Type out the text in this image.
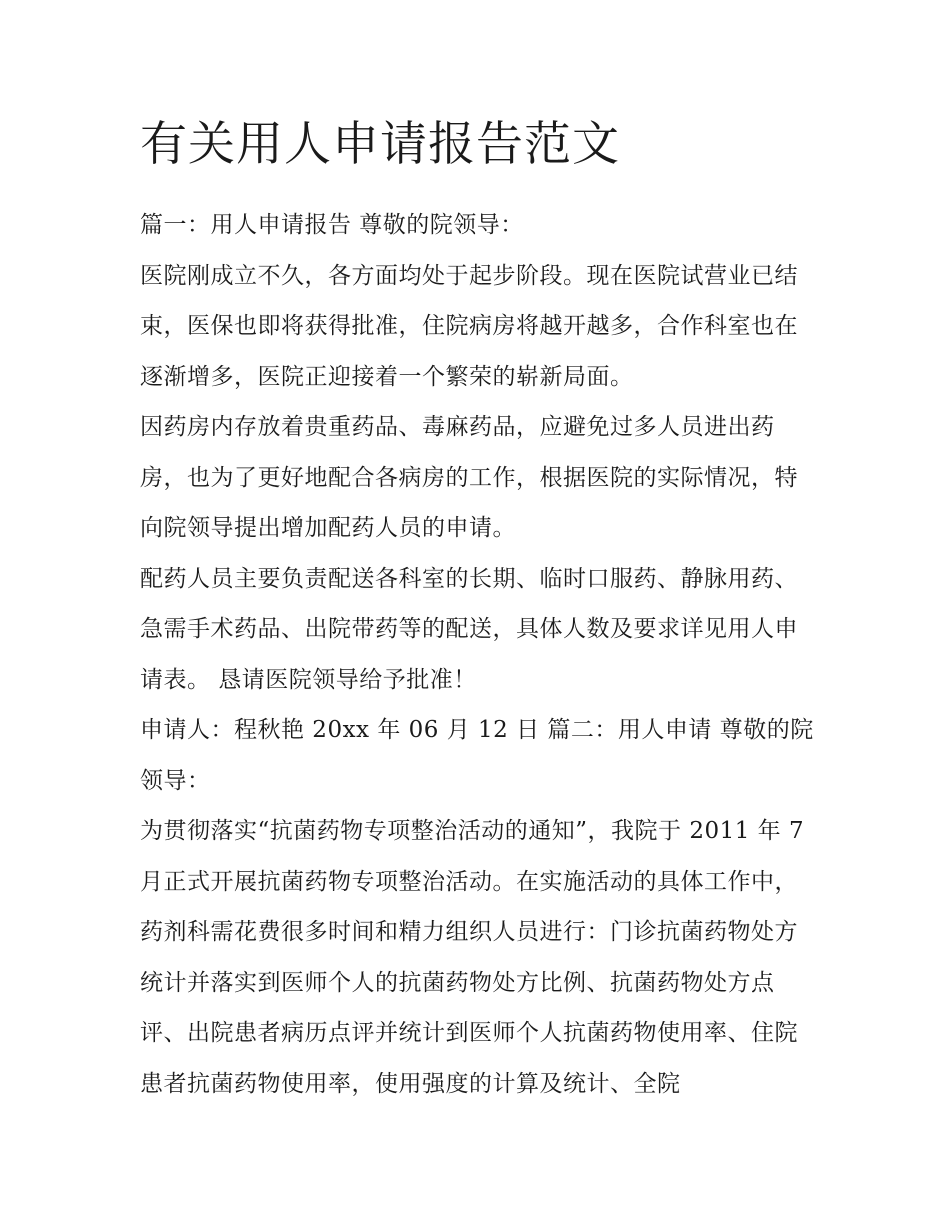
有关用人申请报告范文

篇一：用人申请报告 尊敬的院领导：

医院刚成立不久，各方面均处于起步阶段。现在医院试营业已结束，医保也即将获得批准，住院病房将越开越多，合作科室也在逐渐增多，医院正迎接着一个繁荣的崭新局面。

因药房内存放着贵重药品、毒麻药品，应避免过多人员进出药房，也为了更好地配合各病房的工作，根据医院的实际情况，特向院领导提出增加配药人员的申请。

配药人员主要负责配送各科室的长期、临时口服药、静脉用药、急需手术药品、出院带药等的配送，具体人数及要求详见用人申请表。 恳请医院领导给予批准！

申请人：程秋艳 20xx 年 06 月 12 日 篇二：用人申请 尊敬的院领导：

为贯彻落实“抗菌药物专项整治活动的通知”，我院于 2011 年 7 月正式开展抗菌药物专项整治活动。在实施活动的具体工作中，药剂科需花费很多时间和精力组织人员进行：门诊抗菌药物处方统计并落实到医师个人的抗菌药物处方比例、抗菌药物处方点评、出院患者病历点评并统计到医师个人抗菌药物使用率、住院患者抗菌药物使用率，使用强度的计算及统计、全院
